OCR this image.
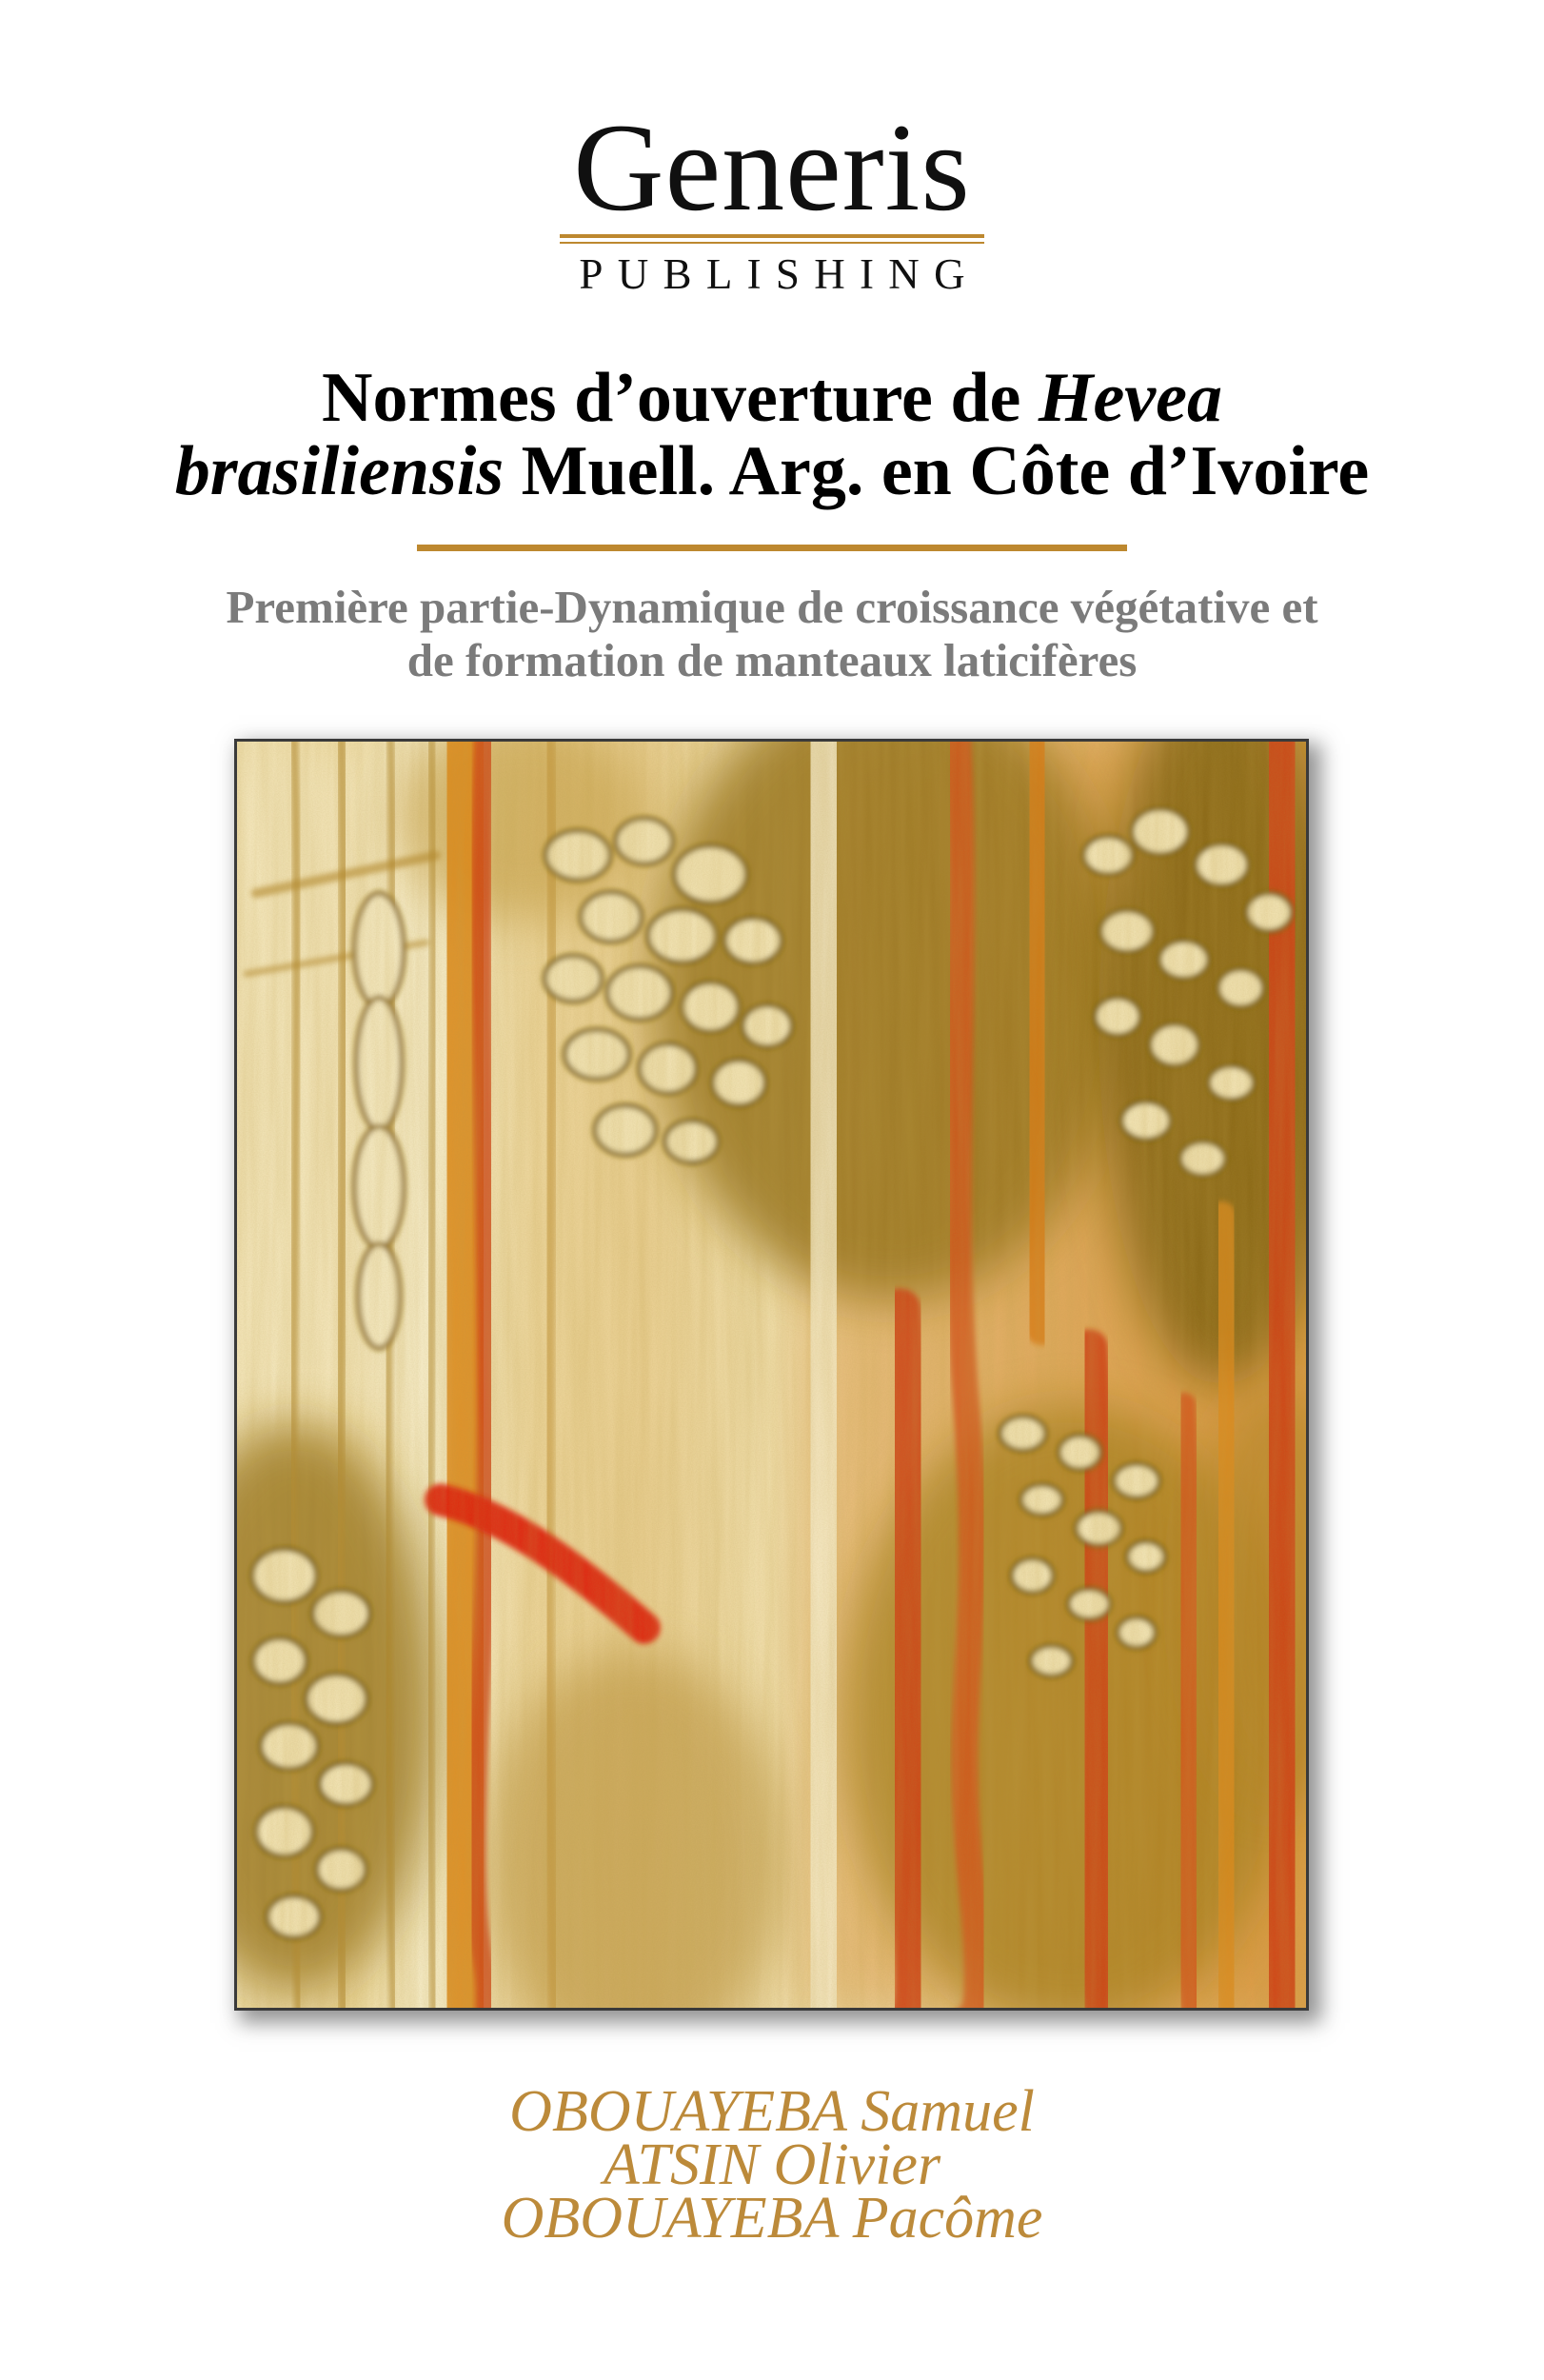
Generis
PUBLISHING
Normes d’ouverture de Hevea
brasiliensis Muell. Arg. en Côte d’Ivoire
Première partie-Dynamique de croissance végétative et
de formation de manteaux laticifères
OBOUAYEBA Samuel
ATSIN Olivier
OBOUAYEBA Pacôme
